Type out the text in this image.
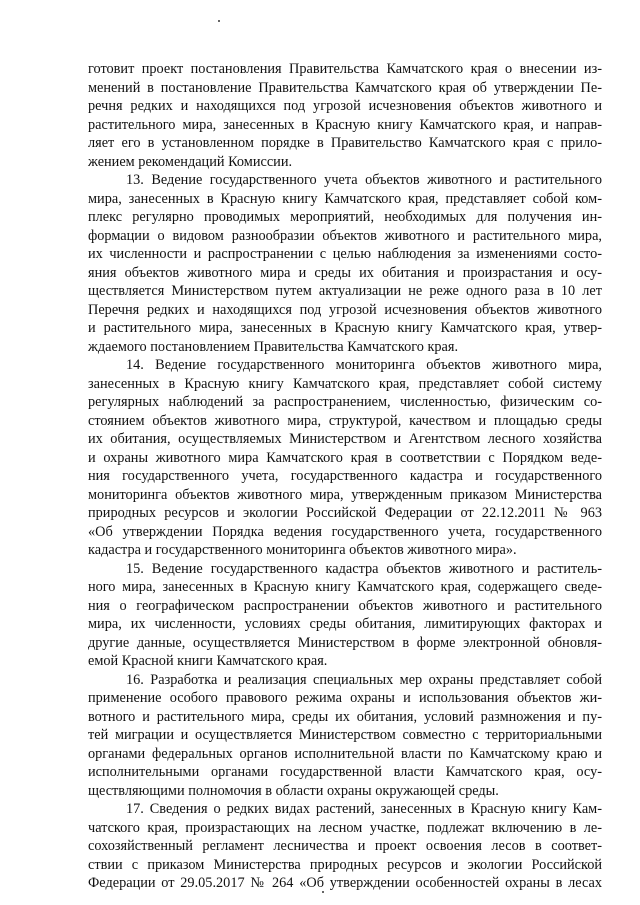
готовит проект постановления Правительства Камчатского края о внесении из-
менений в постановление Правительства Камчатского края об утверждении Пе-
речня редких и находящихся под угрозой исчезновения объектов животного и
растительного мира, занесенных в Красную книгу Камчатского края, и направ-
ляет его в установленном порядке в Правительство Камчатского края с прило-
жением рекомендаций Комиссии.
13. Ведение государственного учета объектов животного и растительного
мира, занесенных в Красную книгу Камчатского края, представляет собой ком-
плекс регулярно проводимых мероприятий, необходимых для получения ин-
формации о видовом разнообразии объектов животного и растительного мира,
их численности и распространении с целью наблюдения за изменениями состо-
яния объектов животного мира и среды их обитания и произрастания и осу-
ществляется Министерством путем актуализации не реже одного раза в 10 лет
Перечня редких и находящихся под угрозой исчезновения объектов животного
и растительного мира, занесенных в Красную книгу Камчатского края, утвер-
ждаемого постановлением Правительства Камчатского края.
14. Ведение государственного мониторинга объектов животного мира,
занесенных в Красную книгу Камчатского края, представляет собой систему
регулярных наблюдений за распространением, численностью, физическим со-
стоянием объектов животного мира, структурой, качеством и площадью среды
их обитания, осуществляемых Министерством и Агентством лесного хозяйства
и охраны животного мира Камчатского края в соответствии с Порядком веде-
ния государственного учета, государственного кадастра и государственного
мониторинга объектов животного мира, утвержденным приказом Министерства
природных ресурсов и экологии Российской Федерации от 22.12.2011 № 963
«Об утверждении Порядка ведения государственного учета, государственного
кадастра и государственного мониторинга объектов животного мира».
15. Ведение государственного кадастра объектов животного и раститель-
ного мира, занесенных в Красную книгу Камчатского края, содержащего сведе-
ния о географическом распространении объектов животного и растительного
мира, их численности, условиях среды обитания, лимитирующих факторах и
другие данные, осуществляется Министерством в форме электронной обновля-
емой Красной книги Камчатского края.
16. Разработка и реализация специальных мер охраны представляет собой
применение особого правового режима охраны и использования объектов жи-
вотного и растительного мира, среды их обитания, условий размножения и пу-
тей миграции и осуществляется Министерством совместно с территориальными
органами федеральных органов исполнительной власти по Камчатскому краю и
исполнительными органами государственной власти Камчатского края, осу-
ществляющими полномочия в области охраны окружающей среды.
17. Сведения о редких видах растений, занесенных в Красную книгу Кам-
чатского края, произрастающих на лесном участке, подлежат включению в ле-
сохозяйственный регламент лесничества и проект освоения лесов в соответ-
ствии с приказом Министерства природных ресурсов и экологии Российской
Федерации от 29.05.2017 № 264 «Об утверждении особенностей охраны в лесах
